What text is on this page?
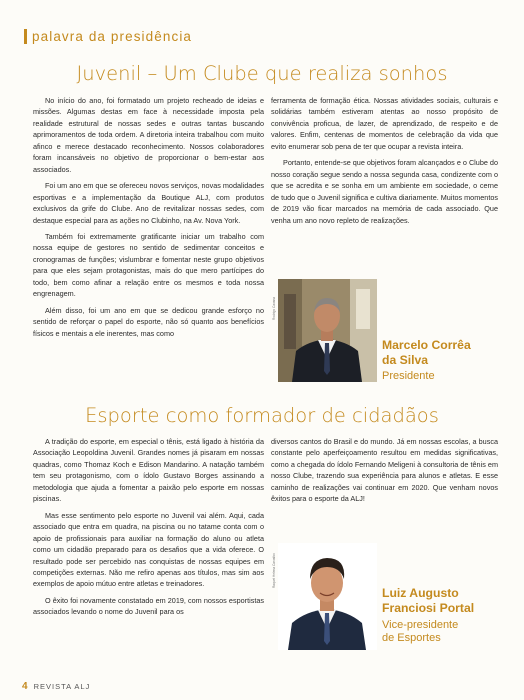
palavra da presidência
Juvenil – Um Clube que realiza sonhos

No início do ano, foi formatado um projeto recheado de ideias e missões. Algumas destas em face à necessidade imposta pela realidade estrutural de nossas sedes e outras tantas buscando aprimoramentos de toda ordem. A diretoria inteira trabalhou com muito afinco e merece destacado reconhecimento. Nossos colaboradores foram incansáveis no objetivo de proporcionar o bem-estar aos associados.

Foi um ano em que se ofereceu novos serviços, novas modalidades esportivas e a implementação da Boutique ALJ, com produtos exclusivos da grife do Clube. Ano de revitalizar nossas sedes, com destaque especial para as ações no Clubinho, na Av. Nova York.

Também foi extremamente gratificante iniciar um trabalho com nossa equipe de gestores no sentido de sedimentar conceitos e cronogramas de funções; vislumbrar e fomentar neste grupo objetivos para que eles sejam protagonistas, mais do que mero partícipes do todo, bem como afinar a relação entre os mesmos e toda nossa engrenagem.

Além disso, foi um ano em que se dedicou grande esforço no sentido de reforçar o papel do esporte, não só quanto aos benefícios físicos e mentais a ele inerentes, mas como

ferramenta de formação ética. Nossas atividades sociais, culturais e solidárias também estiveram atentas ao nosso propósito de convivência proficua, de lazer, de aprendizado, de respeito e de valores. Enfim, centenas de momentos de celebração da vida que evito enumerar sob pena de ter que ocupar a revista inteira.

Portanto, entende-se que objetivos foram alcançados e o Clube do nosso coração segue sendo a nossa segunda casa, condizente com o que se acredita e se sonha em um ambiente em sociedade, o cerne de tudo que o Juvenil significa e cultiva diariamente. Muitos momentos de 2019 vão ficar marcados na memória de cada associado. Que venha um ano novo repleto de realizações.

Rodrigo Cavana
Marcelo Corrêa
da Silva
Presidente
Esporte como formador de cidadãos

A tradição do esporte, em especial o tênis, está ligado à história da Associação Leopoldina Juvenil. Grandes nomes já pisaram em nossas quadras, como Thomaz Koch e Edison Mandarino. A natação também tem seu protagonismo, com o ídolo Gustavo Borges assinando a metodologia que ajuda a fomentar a paixão pelo esporte em nossas piscinas.

Mas esse sentimento pelo esporte no Juvenil vai além. Aqui, cada associado que entra em quadra, na piscina ou no tatame conta com o apoio de profissionais para auxiliar na formação do aluno ou atleta como um cidadão preparado para os desafios que a vida oferece. O resultado pode ser percebido nas conquistas de nossas equipes em competições externas. Não me refiro apenas aos títulos, mas sim aos exemplos de apoio mútuo entre atletas e treinadores.

O êxito foi novamente constatado em 2019, com nossos esportistas associados levando o nome do Juvenil para os

diversos cantos do Brasil e do mundo. Já em nossas escolas, a busca constante pelo aperfeiçoamento resultou em medidas significativas, como a chegada do ídolo Fernando Meligeni à consultoria de tênis em nosso Clube, trazendo sua experiência para alunos e atletas. E esse caminho de realizações vai continuar em 2020. Que venham novos êxitos para o esporte da ALJ!

Raquel Helena Carvalho
Luiz Augusto
Franciosi Portal
Vice-presidente
de Esportes
4 REVISTA ALJ
